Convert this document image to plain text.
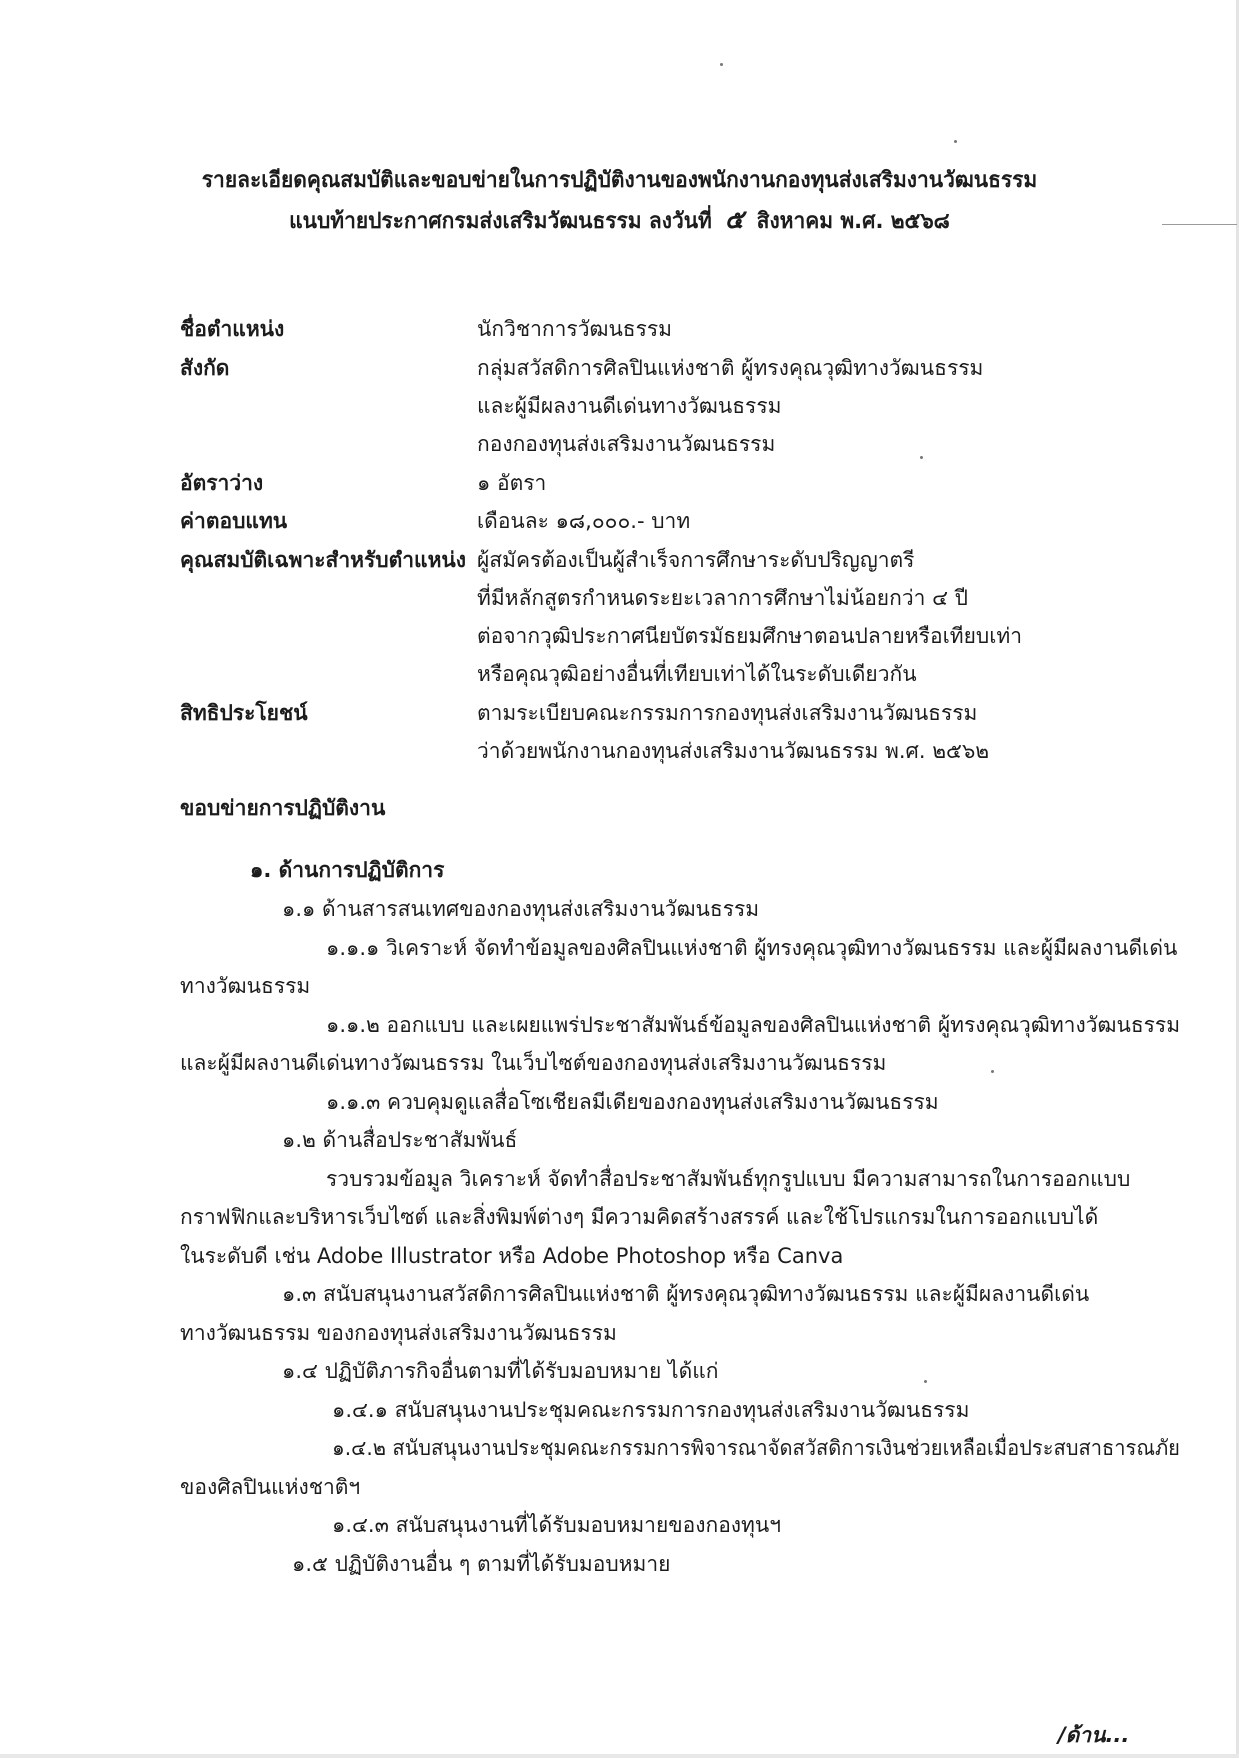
รายละเอียดคุณสมบัติและขอบข่ายในการปฏิบัติงานของพนักงานกองทุนส่งเสริมงานวัฒนธรรม
แนบท้ายประกาศกรมส่งเสริมวัฒนธรรม ลงวันที่ ๕ สิงหาคม พ.ศ. ๒๕๖๘
ชื่อตำแหน่ง	นักวิชาการวัฒนธรรม
สังกัด	กลุ่มสวัสดิการศิลปินแห่งชาติ ผู้ทรงคุณวุฒิทางวัฒนธรรม
และผู้มีผลงานดีเด่นทางวัฒนธรรม
กองกองทุนส่งเสริมงานวัฒนธรรม
อัตราว่าง	๑ อัตรา
ค่าตอบแทน	เดือนละ ๑๘,๐๐๐.- บาท
คุณสมบัติเฉพาะสำหรับตำแหน่ง ผู้สมัครต้องเป็นผู้สำเร็จการศึกษาระดับปริญญาตรี
ที่มีหลักสูตรกำหนดระยะเวลาการศึกษาไม่น้อยกว่า ๔ ปี
ต่อจากวุฒิประกาศนียบัตรมัธยมศึกษาตอนปลายหรือเทียบเท่า
หรือคุณวุฒิอย่างอื่นที่เทียบเท่าได้ในระดับเดียวกัน
สิทธิประโยชน์	ตามระเบียบคณะกรรมการกองทุนส่งเสริมงานวัฒนธรรม
ว่าด้วยพนักงานกองทุนส่งเสริมงานวัฒนธรรม พ.ศ. ๒๕๖๒
ขอบข่ายการปฏิบัติงาน
๑. ด้านการปฏิบัติการ
๑.๑ ด้านสารสนเทศของกองทุนส่งเสริมงานวัฒนธรรม
๑.๑.๑ วิเคราะห์ จัดทำข้อมูลของศิลปินแห่งชาติ ผู้ทรงคุณวุฒิทางวัฒนธรรม และผู้มีผลงานดีเด่น
ทางวัฒนธรรม
๑.๑.๒ ออกแบบ และเผยแพร่ประชาสัมพันธ์ข้อมูลของศิลปินแห่งชาติ ผู้ทรงคุณวุฒิทางวัฒนธรรม
และผู้มีผลงานดีเด่นทางวัฒนธรรม ในเว็บไซต์ของกองทุนส่งเสริมงานวัฒนธรรม
๑.๑.๓ ควบคุมดูแลสื่อโซเชียลมีเดียของกองทุนส่งเสริมงานวัฒนธรรม
๑.๒ ด้านสื่อประชาสัมพันธ์
รวบรวมข้อมูล วิเคราะห์ จัดทำสื่อประชาสัมพันธ์ทุกรูปแบบ มีความสามารถในการออกแบบ
กราฟฟิกและบริหารเว็บไซต์ และสิ่งพิมพ์ต่างๆ มีความคิดสร้างสรรค์ และใช้โปรแกรมในการออกแบบได้
ในระดับดี เช่น Adobe Illustrator หรือ Adobe Photoshop หรือ Canva
๑.๓ สนับสนุนงานสวัสดิการศิลปินแห่งชาติ ผู้ทรงคุณวุฒิทางวัฒนธรรม และผู้มีผลงานดีเด่น
ทางวัฒนธรรม ของกองทุนส่งเสริมงานวัฒนธรรม
๑.๔ ปฏิบัติภารกิจอื่นตามที่ได้รับมอบหมาย ได้แก่
๑.๔.๑ สนับสนุนงานประชุมคณะกรรมการกองทุนส่งเสริมงานวัฒนธรรม
๑.๔.๒ สนับสนุนงานประชุมคณะกรรมการพิจารณาจัดสวัสดิการเงินช่วยเหลือเมื่อประสบสาธารณภัย
ของศิลปินแห่งชาติฯ
๑.๔.๓ สนับสนุนงานที่ได้รับมอบหมายของกองทุนฯ
๑.๕ ปฏิบัติงานอื่น ๆ ตามที่ได้รับมอบหมาย
/ด้าน...
